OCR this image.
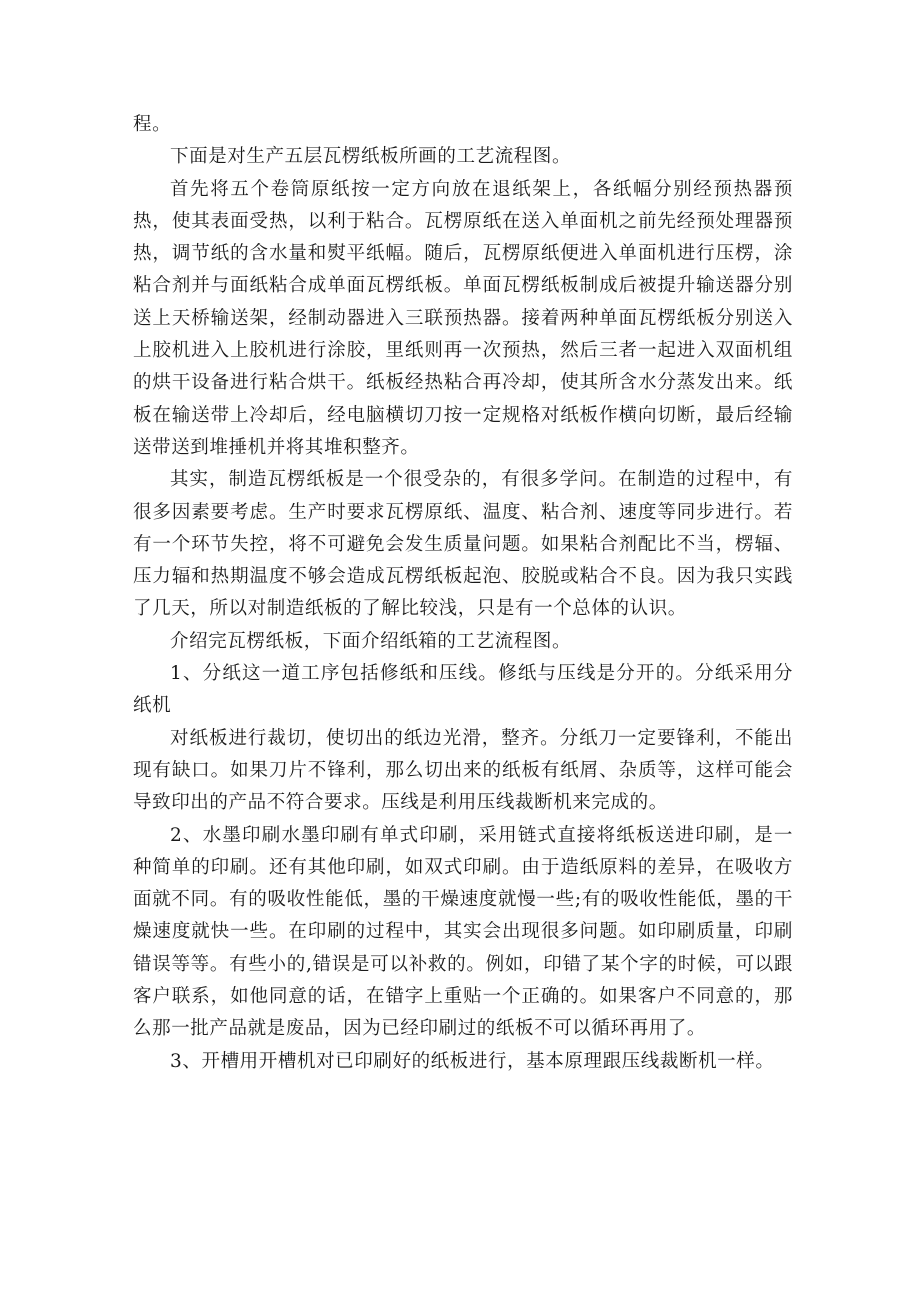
程。

下面是对生产五层瓦楞纸板所画的工艺流程图。

首先将五个卷筒原纸按一定方向放在退纸架上，各纸幅分别经预热器预热，使其表面受热，以利于粘合。瓦楞原纸在送入单面机之前先经预处理器预热，调节纸的含水量和熨平纸幅。随后，瓦楞原纸便进入单面机进行压楞，涂粘合剂并与面纸粘合成单面瓦楞纸板。单面瓦楞纸板制成后被提升输送器分别送上天桥输送架，经制动器进入三联预热器。接着两种单面瓦楞纸板分别送入上胶机进入上胶机进行涂胶，里纸则再一次预热，然后三者一起进入双面机组的烘干设备进行粘合烘干。纸板经热粘合再冷却，使其所含水分蒸发出来。纸板在输送带上冷却后，经电脑横切刀按一定规格对纸板作横向切断，最后经输送带送到堆捶机并将其堆积整齐。

其实，制造瓦楞纸板是一个很受杂的，有很多学问。在制造的过程中，有很多因素要考虑。生产时要求瓦楞原纸、温度、粘合剂、速度等同步进行。若有一个环节失控，将不可避免会发生质量问题。如果粘合剂配比不当，楞辐、压力辐和热期温度不够会造成瓦楞纸板起泡、胶脱或粘合不良。因为我只实践了几天，所以对制造纸板的了解比较浅，只是有一个总体的认识。

介绍完瓦楞纸板，下面介绍纸箱的工艺流程图。

1、分纸这一道工序包括修纸和压线。修纸与压线是分开的。分纸采用分纸机

对纸板进行裁切，使切出的纸边光滑，整齐。分纸刀一定要锋利，不能出现有缺口。如果刀片不锋利，那么切出来的纸板有纸屑、杂质等，这样可能会导致印出的产品不符合要求。压线是利用压线裁断机来完成的。

2、水墨印刷水墨印刷有单式印刷，采用链式直接将纸板送进印刷，是一种简单的印刷。还有其他印刷，如双式印刷。由于造纸原料的差异，在吸收方面就不同。有的吸收性能低，墨的干燥速度就慢一些;有的吸收性能低，墨的干燥速度就快一些。在印刷的过程中，其实会出现很多问题。如印刷质量，印刷错误等等。有些小的,错误是可以补救的。例如，印错了某个字的时候，可以跟客户联系，如他同意的话，在错字上重贴一个正确的。如果客户不同意的，那么那一批产品就是废品，因为已经印刷过的纸板不可以循环再用了。

3、开槽用开槽机对已印刷好的纸板进行，基本原理跟压线裁断机一样。
